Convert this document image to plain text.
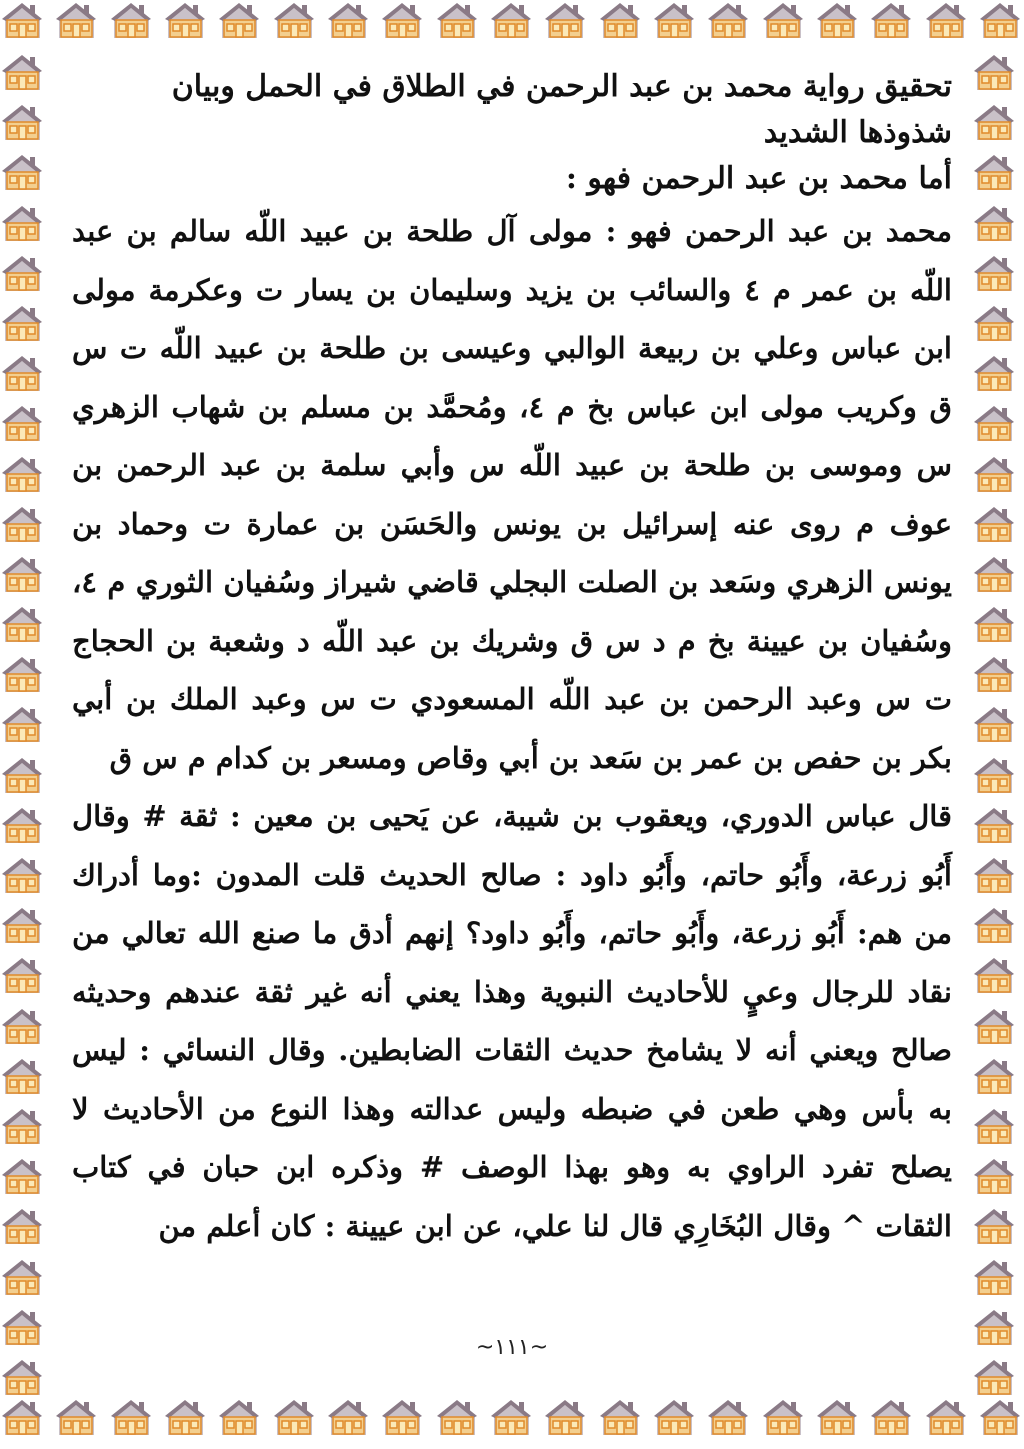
تحقيق رواية محمد بن عبد الرحمن في الطلاق في الحمل وبيان شذوذها الشديد

أما محمد بن عبد الرحمن فهو :

محمد بن عبد الرحمن فهو : مولى آل طلحة بن عبيد اللّه سالم بن عبد اللّه بن عمر م ٤ والسائب بن يزيد وسليمان بن يسار ت وعكرمة مولى ابن عباس وعلي بن ربيعة الوالبي وعيسى بن طلحة بن عبيد اللّه ت س ق وكريب مولى ابن عباس بخ م ٤، ومُحمَّد بن مسلم بن شهاب الزهري س وموسى بن طلحة بن عبيد اللّه س وأبي سلمة بن عبد الرحمن بن عوف م روى عنه إسرائيل بن يونس والحَسَن بن عمارة ت وحماد بن يونس الزهري وسَعد بن الصلت البجلي قاضي شيراز وسُفيان الثوري م ٤، وسُفيان بن عيينة بخ م د س ق وشريك بن عبد اللّه د وشعبة بن الحجاج ت س وعبد الرحمن بن عبد اللّه المسعودي ت س وعبد الملك بن أبي بكر بن حفص بن عمر بن سَعد بن أبي وقاص ومسعر بن كدام م س ق

قال عباس الدوري، ويعقوب بن شيبة، عن يَحيى بن معين : ثقة # وقال أَبُو زرعة، وأَبُو حاتم، وأَبُو داود : صالح الحديث قلت المدون :وما أدراك من هم: أَبُو زرعة، وأَبُو حاتم، وأَبُو داود؟ إنهم أدق ما صنع الله تعالي من نقاد للرجال وعيٍ للأحاديث النبوية وهذا يعني أنه غير ثقة عندهم وحديثه صالح ويعني أنه لا يشامخ حديث الثقات الضابطين. وقال النسائي : ليس به بأس وهي طعن في ضبطه وليس عدالته وهذا النوع من الأحاديث لا يصلح تفرد الراوي به وهو بهذا الوصف # وذكره ابن حبان في كتاب الثقات ^ وقال البُخَارِي قال لنا علي، عن ابن عيينة : كان أعلم من

~١١١~
